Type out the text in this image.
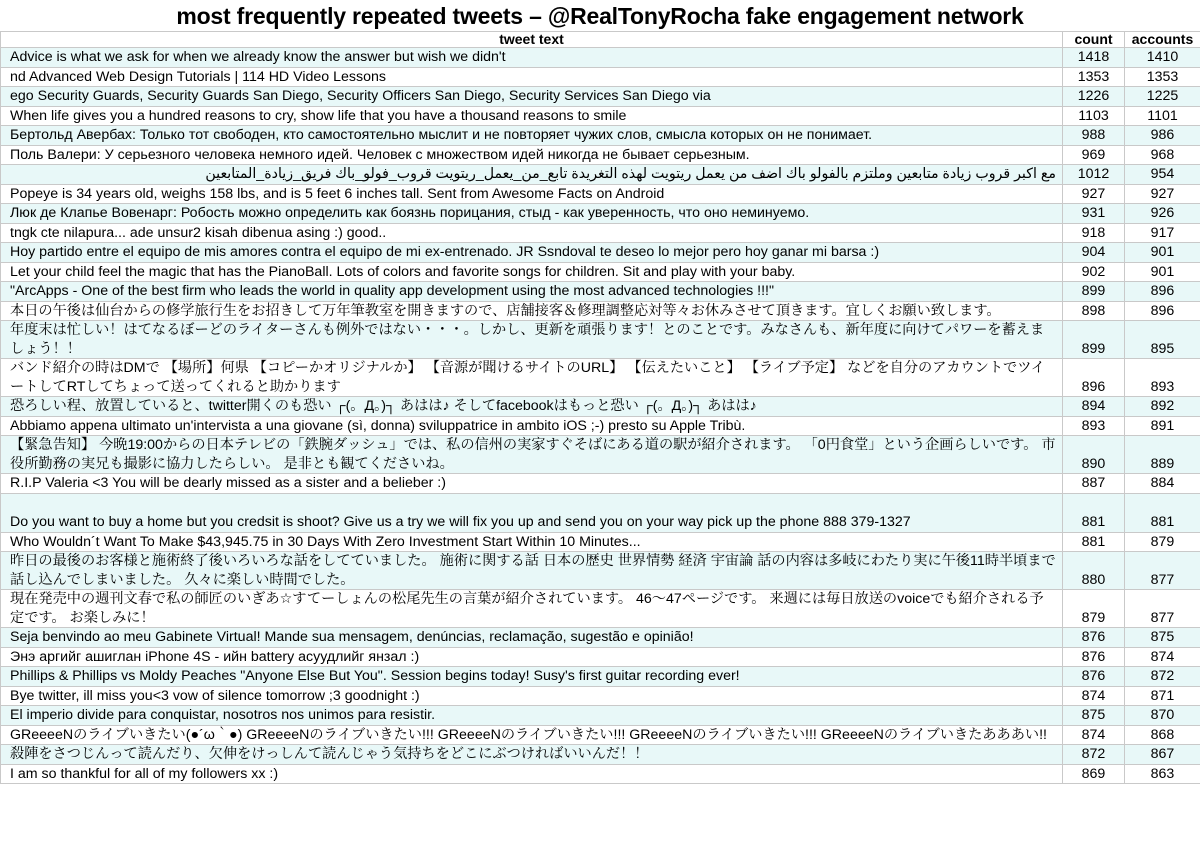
most frequently repeated tweets – @RealTonyRocha fake engagement network
tweet text	count	accounts
Advice is what we ask for when we already know the answer but wish we didn't	1418	1410
nd Advanced Web Design Tutorials | 114 HD Video Lessons	1353	1353
ego Security Guards, Security Guards San Diego, Security Officers San Diego, Security Services San Diego via	1226	1225
When life gives you a hundred reasons to cry, show life that you have a thousand reasons to smile	1103	1101
Бертольд Авербах: Только тот свободен, кто самостоятельно мыслит и не повторяет чужих слов, смысла которых он не понимает.	988	986
Поль Валери: У серьезного человека немного идей. Человек с множеством идей никогда не бывает серьезным.	969	968
مع اكبر قروب زيادة متابعين وملتزم بالفولو باك اضف من يعمل ريتويت لهذه التغريدة تابع_من_يعمل_ريتويت قروب_فولو_باك فريق_زيادة_المتابعين	1012	954
Popeye is 34 years old, weighs 158 lbs, and is 5 feet 6 inches tall. Sent from Awesome Facts on Android	927	927
Люк де Клапье Вовенарг: Робость можно определить как боязнь порицания, стыд - как уверенность, что оно неминуемо.	931	926
tngk cte nilapura... ade unsur2 kisah dibenua asing :) good..	918	917
Hoy partido entre el equipo de mis amores contra el equipo de mi ex-entrenado. JR Ssndoval te deseo lo mejor pero hoy ganar mi barsa :)	904	901
Let your child feel the magic that has the PianoBall. Lots of colors and favorite songs for children. Sit and play with your baby.	902	901
"ArcApps - One of the best firm who leads the world in quality app development using the most advanced technologies !!!"	899	896
本日の午後は仙台からの修学旅行生をお招きして万年筆教室を開きますので、店舗接客＆修理調整応対等々お休みさせて頂きます。宜しくお願い致します。	898	896
年度末は忙しい！はてなるぼーどのライターさんも例外ではない・・・。しかし、更新を頑張ります！とのことです。みなさんも、新年度に向けてパワーを蓄えましょう！！	899	895
バンド紹介の時はDMで 【場所】何県 【コピーかオリジナルか】 【音源が聞けるサイトのURL】 【伝えたいこと】 【ライブ予定】 などを自分のアカウントでツイートしてRTしてちょって送ってくれると助かります	896	893
恐ろしい程、放置していると、twitter開くのも恐い ┌(。Д。)┐ あはは♪ そしてfacebookはもっと恐い ┌(。Д。)┐ あはは♪	894	892
Abbiamo appena ultimato un'intervista a una giovane (sì, donna) sviluppatrice in ambito iOS ;-) presto su Apple Tribù.	893	891
【緊急告知】 今晩19:00からの日本テレビの「鉄腕ダッシュ」では、私の信州の実家すぐそばにある道の駅が紹介されます。 「0円食堂」という企画らしいです。 市役所勤務の実兄も撮影に協力したらしい。 是非とも観てくださいね。	890	889
R.I.P Valeria <3 You will be dearly missed as a sister and a belieber :)	887	884
Do you want to buy a home but you credsit is shoot? Give us a try we will fix you up and send you on your way pick up the phone 888 379-1327	881	881
Who Wouldn´t Want To Make $43,945.75 in 30 Days With Zero Investment Start Within 10 Minutes...	881	879
昨日の最後のお客様と施術終了後いろいろな話をしてていました。 施術に関する話 日本の歴史 世界情勢 経済 宇宙論 話の内容は多岐にわたり実に午後11時半頃まで話し込んでしまいました。 久々に楽しい時間でした。	880	877
現在発売中の週刊文春で私の師匠のいぎあ☆すてーしょんの松尾先生の言葉が紹介されています。 46～47ページです。 来週には毎日放送のvoiceでも紹介される予定です。 お楽しみに！	879	877
Seja benvindo ao meu Gabinete Virtual! Mande sua mensagem, denúncias, reclamação, sugestão e opinião!	876	875
Энэ аргийг ашиглан iPhone 4S - ийн battery асуудлийг янзал :)	876	874
Phillips & Phillips vs Moldy Peaches "Anyone Else But You". Session begins today! Susy's first guitar recording ever!	876	872
Bye twitter, ill miss you<3 vow of silence tomorrow ;3 goodnight :)	874	871
El imperio divide para conquistar, nosotros nos unimos para resistir.	875	870
GReeeeNのライブいきたい(●´ω｀●) GReeeeNのライブいきたい!!! GReeeeNのライブいきたい!!! GReeeeNのライブいきたい!!! GReeeeNのライブいきたあああい!!	874	868
殺陣をさつじんって読んだり、欠伸をけっしんて読んじゃう気持ちをどこにぶつければいいんだ！！	872	867
I am so thankful for all of my followers xx :)	869	863
